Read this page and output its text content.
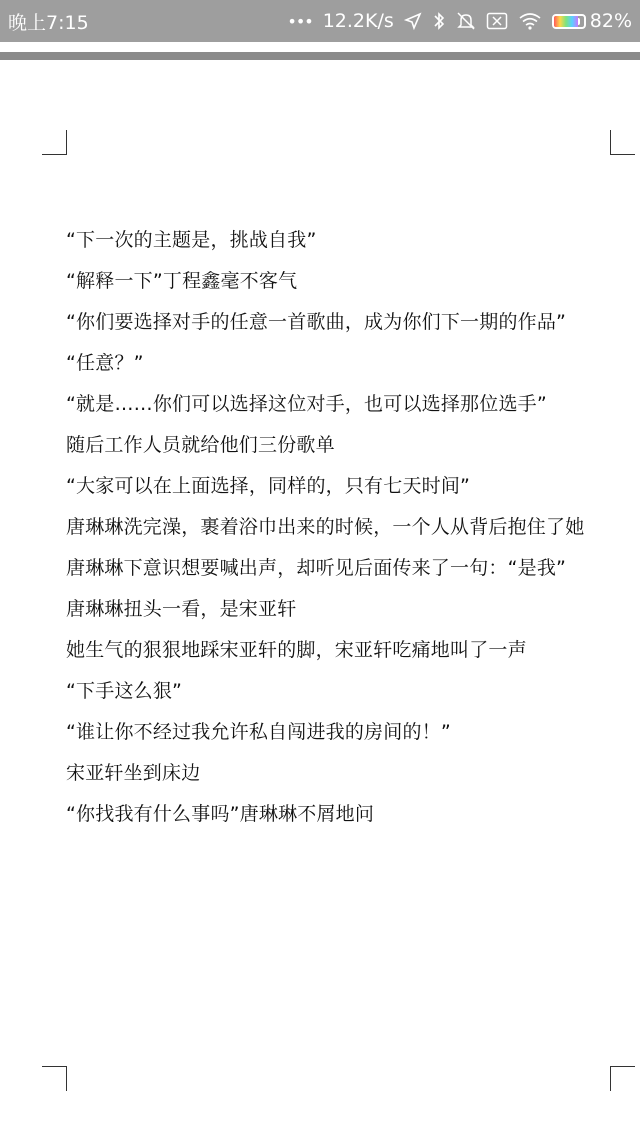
晚上7:15	••• 12.2K/s	82%
“下一次的主题是，挑战自我”
“解释一下”丁程鑫毫不客气
“你们要选择对手的任意一首歌曲，成为你们下一期的作品”
“任意？”
“就是……你们可以选择这位对手，也可以选择那位选手”
随后工作人员就给他们三份歌单
“大家可以在上面选择，同样的，只有七天时间”
唐琳琳洗完澡，裹着浴巾出来的时候，一个人从背后抱住了她
唐琳琳下意识想要喊出声，却听见后面传来了一句：“是我”
唐琳琳扭头一看，是宋亚轩
她生气的狠狠地踩宋亚轩的脚，宋亚轩吃痛地叫了一声
“下手这么狠”
“谁让你不经过我允许私自闯进我的房间的！”
宋亚轩坐到床边
“你找我有什么事吗”唐琳琳不屑地问
